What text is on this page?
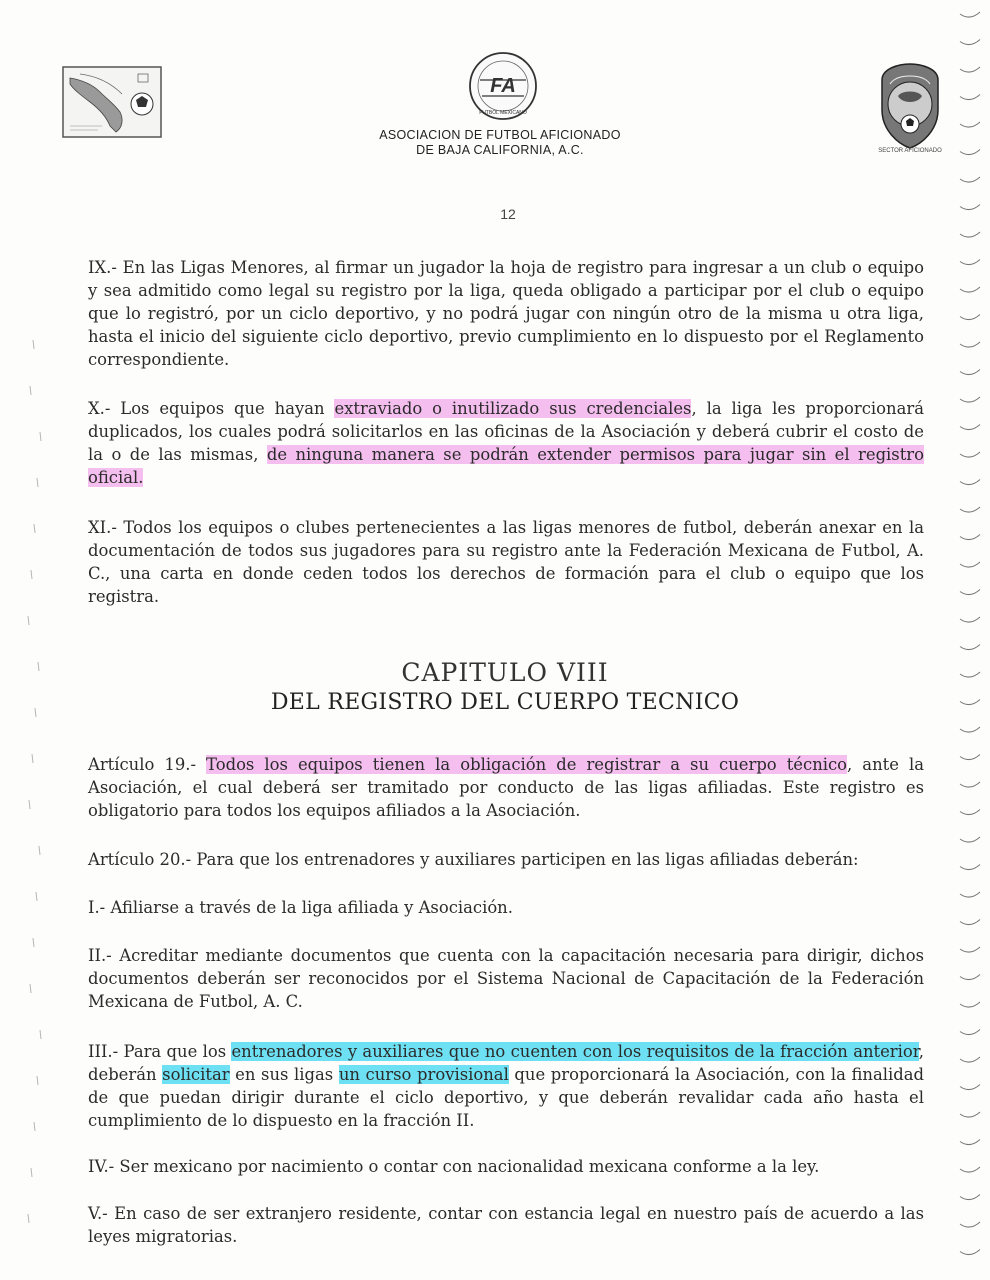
FA
FUTBOL MEXICANO
SECTOR AFICIONADO
ASOCIACION DE FUTBOL AFICIONADO
DE BAJA CALIFORNIA, A.C.
12
IX.- En las Ligas Menores, al firmar un jugador la hoja de registro para ingresar a un club o equipo y sea admitido como legal su registro por la liga, queda obligado a participar por el club o equipo que lo registró, por un ciclo deportivo, y no podrá jugar con ningún otro de la misma u otra liga, hasta el inicio del siguiente ciclo deportivo, previo cumplimiento en lo dispuesto por el Reglamento correspondiente.
X.- Los equipos que hayan extraviado o inutilizado sus credenciales, la liga les proporcionará duplicados, los cuales podrá solicitarlos en las oficinas de la Asociación y deberá cubrir el costo de la o de las mismas, de ninguna manera se podrán extender permisos para jugar sin el registro oficial.
XI.- Todos los equipos o clubes pertenecientes a las ligas menores de futbol, deberán anexar en la documentación de todos sus jugadores para su registro ante la Federación Mexicana de Futbol, A. C., una carta en donde ceden todos los derechos de formación para el club o equipo que los registra.
CAPITULO VIII
DEL REGISTRO DEL CUERPO TECNICO
Artículo 19.- Todos los equipos tienen la obligación de registrar a su cuerpo técnico, ante la Asociación, el cual deberá ser tramitado por conducto de las ligas afiliadas. Este registro es obligatorio para todos los equipos afiliados a la Asociación.
Artículo 20.- Para que los entrenadores y auxiliares participen en las ligas afiliadas deberán:
I.- Afiliarse a través de la liga afiliada y Asociación.
II.- Acreditar mediante documentos que cuenta con la capacitación necesaria para dirigir, dichos documentos deberán ser reconocidos por el Sistema Nacional de Capacitación de la Federación Mexicana de Futbol, A. C.
III.- Para que los entrenadores y auxiliares que no cuenten con los requisitos de la fracción anterior, deberán solicitar en sus ligas un curso provisional que proporcionará la Asociación, con la finalidad de que puedan dirigir durante el ciclo deportivo, y que deberán revalidar cada año hasta el cumplimiento de lo dispuesto en la fracción II.
IV.- Ser mexicano por nacimiento o contar con nacionalidad mexicana conforme a la ley.
V.- En caso de ser extranjero residente, contar con estancia legal en nuestro país de acuerdo a las leyes migratorias.
